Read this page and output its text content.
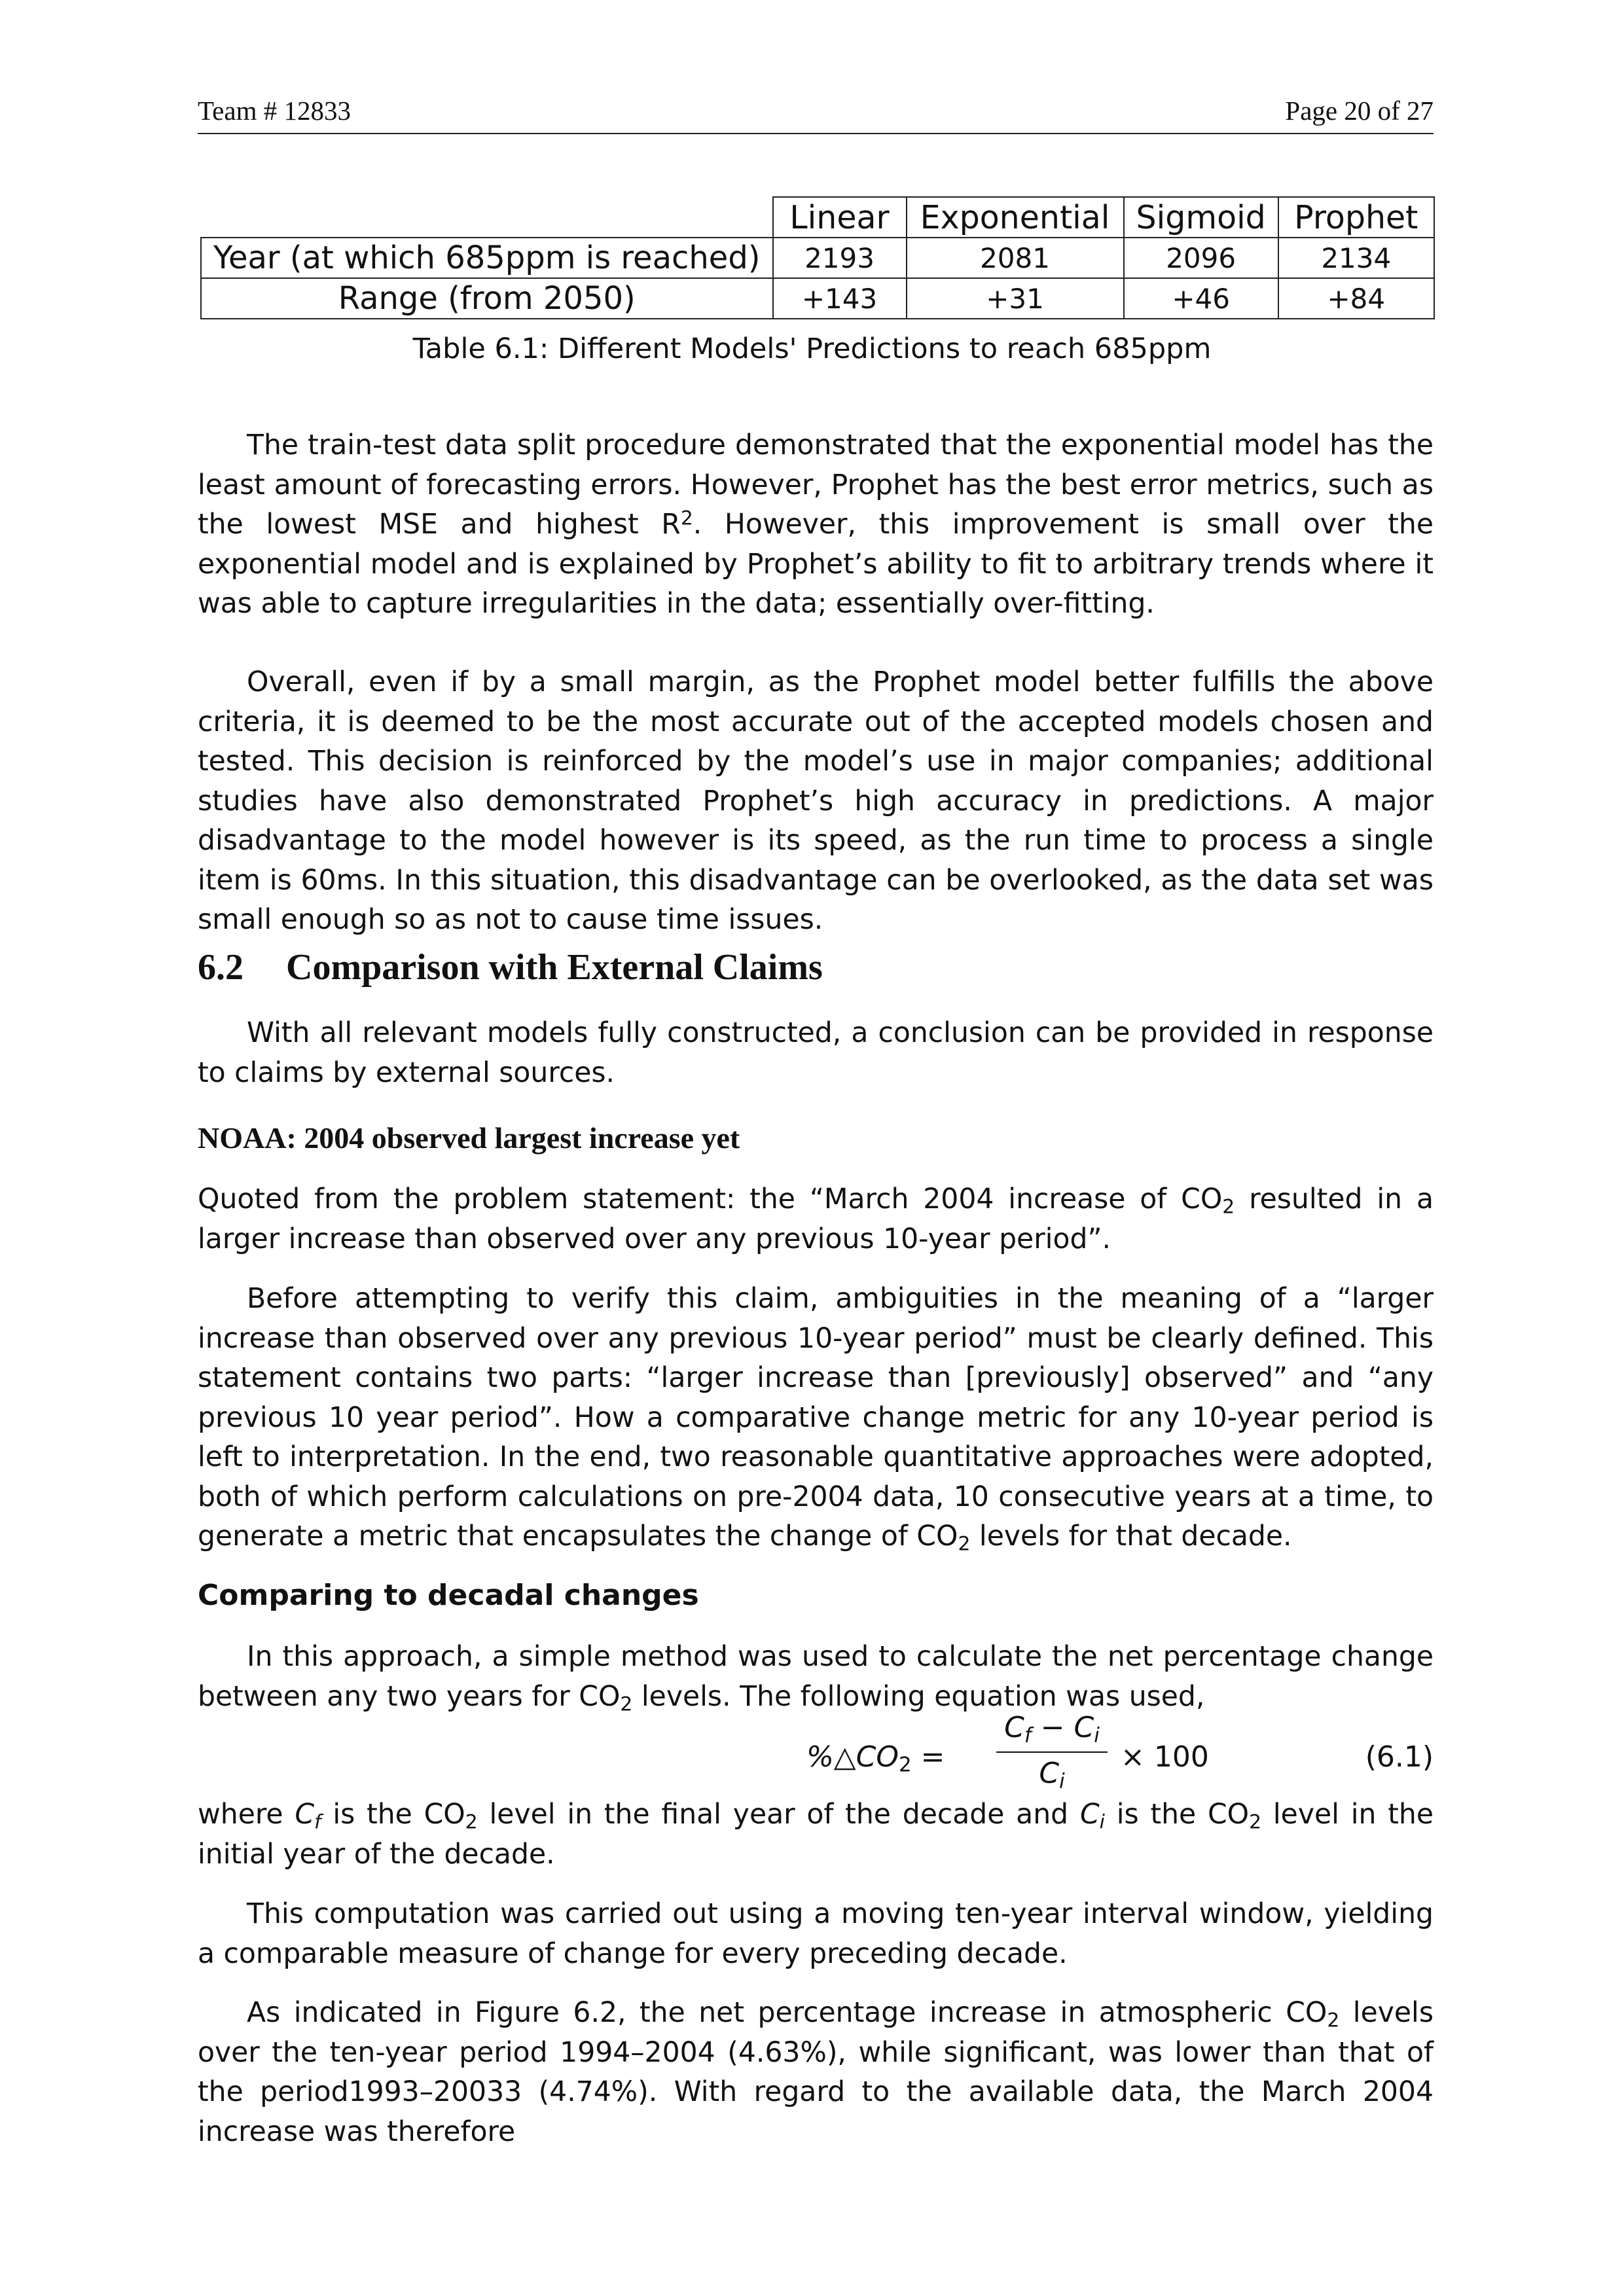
Team # 12833	Page 20 of 27
	Linear	Exponential	Sigmoid	Prophet
Year (at which 685ppm is reached)	2193	2081	2096	2134
Range (from 2050)	+143	+31	+46	+84
Table 6.1: Different Models' Predictions to reach 685ppm

The train-test data split procedure demonstrated that the exponential model has the least amount of forecasting errors. However, Prophet has the best error metrics, such as the lowest MSE and highest $R^2$. However, this improvement is small over the exponential model and is explained by Prophet’s ability to fit to arbitrary trends where it was able to capture irregularities in the data; essentially over-fitting.

Overall, even if by a small margin, as the Prophet model better fulfills the above criteria, it is deemed to be the most accurate out of the accepted models chosen and tested. This decision is reinforced by the model’s use in major companies; additional studies have also demonstrated Prophet’s high accuracy in predictions. A major disadvantage to the model however is its speed, as the run time to process a single item is 60ms. In this situation, this disadvantage can be overlooked, as the data set was small enough so as not to cause time issues.

6.2 Comparison with External Claims

With all relevant models fully constructed, a conclusion can be provided in response to claims by external sources.

NOAA: 2004 observed largest increase yet

Quoted from the problem statement: the “March 2004 increase of $CO_2$ resulted in a larger increase than observed over any previous 10-year period”.

Before attempting to verify this claim, ambiguities in the meaning of a “larger increase than observed over any previous 10-year period” must be clearly defined. This statement contains two parts: “larger increase than [previously] observed” and “any previous 10 year period”. How a comparative change metric for any 10-year period is left to interpretation. In the end, two reasonable quantitative approaches were adopted, both of which perform calculations on pre-2004 data, 10 consecutive years at a time, to generate a metric that encapsulates the change of $CO_2$ levels for that decade.

Comparing to decadal changes

In this approach, a simple method was used to calculate the net percentage change between any two years for $CO_2$ levels. The following equation was used,

$\%\triangle CO_2$ =
$C_f - C_i$
$C_i$
× 100	(6.1)

where $C_f$ is the $CO_2$ level in the final year of the decade and $C_i$ is the $CO_2$ level in the initial year of the decade.

This computation was carried out using a moving ten-year interval window, yielding a comparable measure of change for every preceding decade.

As indicated in Figure 6.2, the net percentage increase in atmospheric $CO_2$ levels over the ten-year period 1994–2004 (4.63%), while significant, was lower than that of the period1993–20033 (4.74%). With regard to the available data, the March 2004 increase was therefore
